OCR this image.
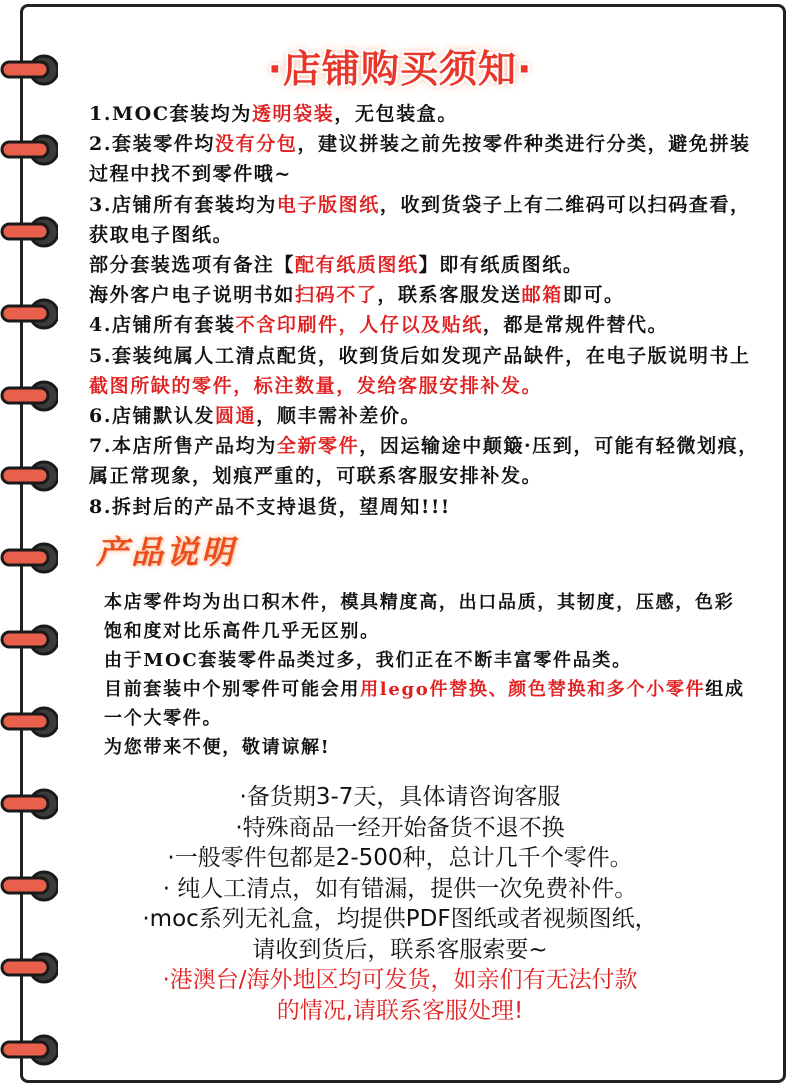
·店铺购买须知·

1.MOC套装均为透明袋装，无包装盒。

2.套装零件均没有分包，建议拼装之前先按零件种类进行分类，避免拼装过程中找不到零件哦~

3.店铺所有套装均为电子版图纸，收到货袋子上有二维码可以扫码查看，获取电子图纸。

部分套装选项有备注【配有纸质图纸】即有纸质图纸。

海外客户电子说明书如扫码不了，联系客服发送邮箱即可。

4.店铺所有套装不含印刷件，人仔以及贴纸，都是常规件替代。

5.套装纯属人工清点配货，收到货后如发现产品缺件，在电子版说明书上截图所缺的零件，标注数量，发给客服安排补发。

6.店铺默认发圆通，顺丰需补差价。

7.本店所售产品均为全新零件，因运输途中颠簸·压到，可能有轻微划痕，属正常现象，划痕严重的，可联系客服安排补发。

8.拆封后的产品不支持退货，望周知!!!

产品说明

本店零件均为出口积木件，模具精度高，出口品质，其韧度，压感，色彩饱和度对比乐高件几乎无区别。

由于MOC套装零件品类过多，我们正在不断丰富零件品类。

目前套装中个别零件可能会用用lego件替换、颜色替换和多个小零件组成一个大零件。

为您带来不便，敬请谅解!

·备货期3-7天，具体请咨询客服

·特殊商品一经开始备货不退不换

·一般零件包都是2-500种，总计几千个零件。

· 纯人工清点，如有错漏，提供一次免费补件。

·moc系列无礼盒，均提供PDF图纸或者视频图纸，

请收到货后，联系客服索要~

·港澳台/海外地区均可发货，如亲们有无法付款

的情况,请联系客服处理!
